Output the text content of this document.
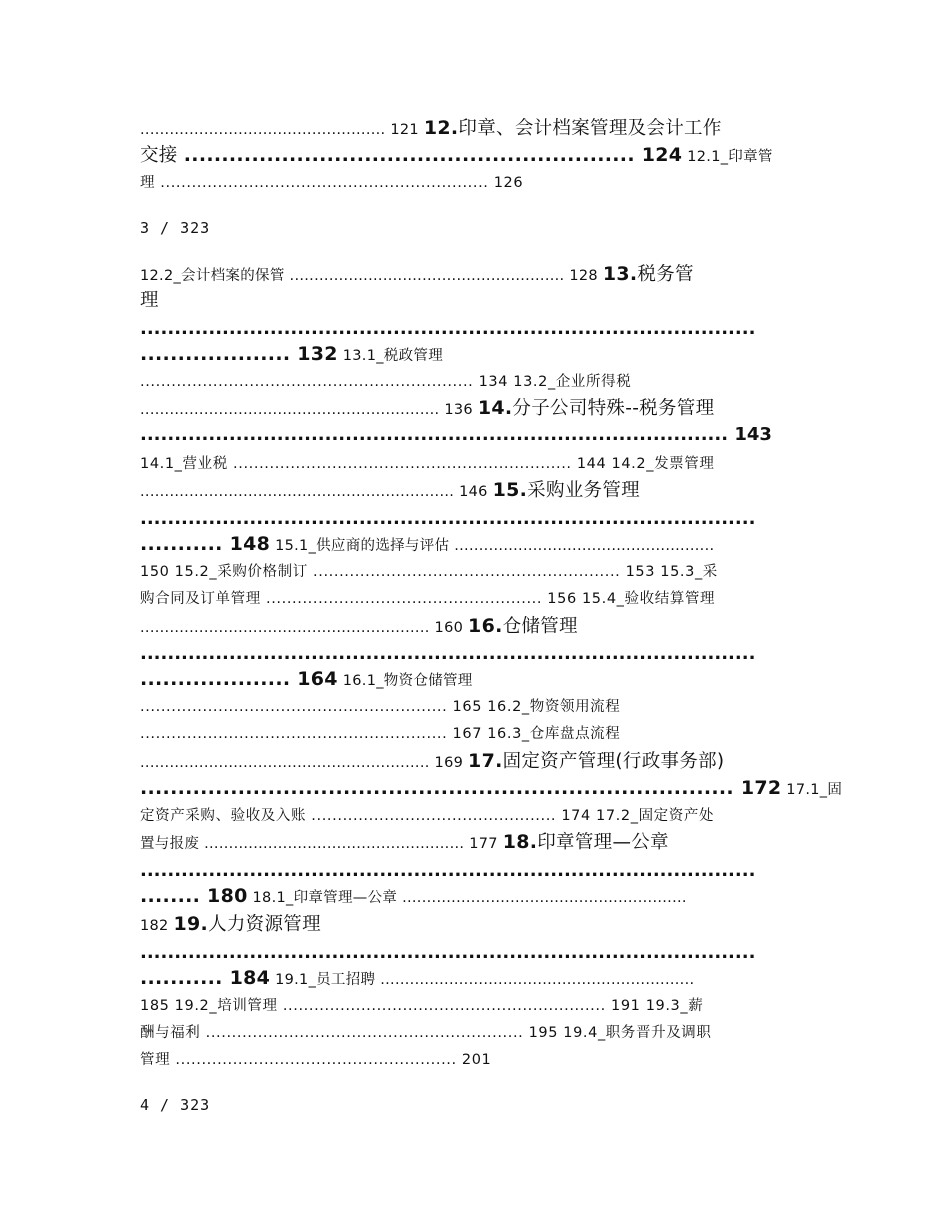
.................................................. 121 12.印章、会计档案管理及会计工作
交接 ............................................................ 124 12.1_印章管
理 ............................................................... 126
3 / 323
12.2_会计档案的保管 ........................................................ 128 13.税务管
理
..........................................................................................
.................... 132 13.1_税政管理
................................................................ 134 13.2_企业所得税
............................................................. 136 14.分子公司特殊--税务管理
...................................................................................... 143
14.1_营业税 ................................................................. 144 14.2_发票管理
................................................................ 146 15.采购业务管理
..........................................................................................
........... 148 15.1_供应商的选择与评估 .....................................................
150 15.2_采购价格制订 ........................................................... 153 15.3_采
购合同及订单管理 ..................................................... 156 15.4_验收结算管理
........................................................... 160 16.仓储管理
..........................................................................................
.................... 164 16.1_物资仓储管理
........................................................... 165 16.2_物资领用流程
........................................................... 167 16.3_仓库盘点流程
........................................................... 169 17.固定资产管理(行政事务部)
............................................................................... 172 17.1_固
定资产采购、验收及入账 ............................................... 174 17.2_固定资产处
置与报废 ..................................................... 177 18.印章管理—公章
..........................................................................................
........ 180 18.1_印章管理—公章 ..........................................................
182 19.人力资源管理
..........................................................................................
........... 184 19.1_员工招聘 ................................................................
185 19.2_培训管理 .............................................................. 191 19.3_薪
酬与福利 ............................................................. 195 19.4_职务晋升及调职
管理 ...................................................... 201
4 / 323
